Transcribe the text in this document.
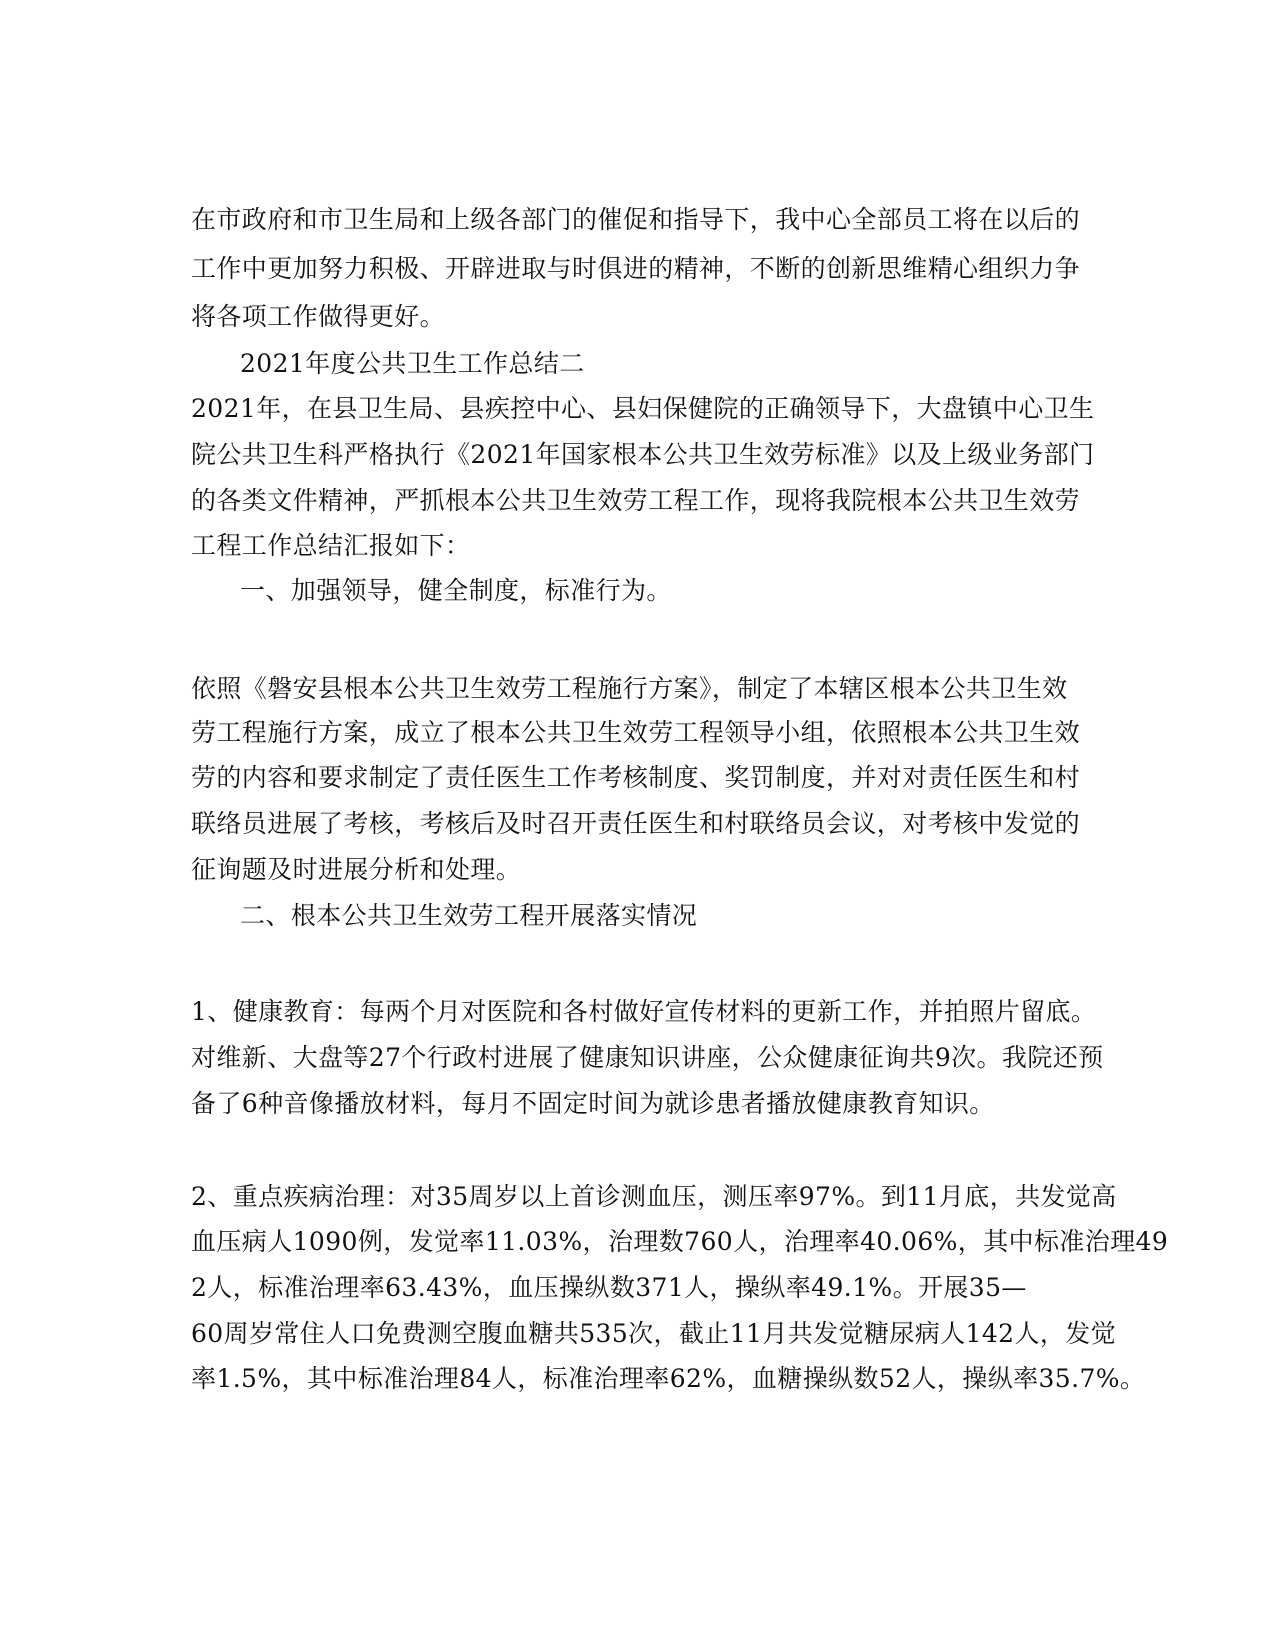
在市政府和市卫生局和上级各部门的催促和指导下，我中心全部员工将在以后的
工作中更加努力积极、开辟进取与时俱进的精神，不断的创新思维精心组织力争
将各项工作做得更好。
2021年度公共卫生工作总结二
2021年，在县卫生局、县疾控中心、县妇保健院的正确领导下，大盘镇中心卫生
院公共卫生科严格执行《2021年国家根本公共卫生效劳标准》以及上级业务部门
的各类文件精神，严抓根本公共卫生效劳工程工作，现将我院根本公共卫生效劳
工程工作总结汇报如下：
一、加强领导，健全制度，标准行为。
依照《磐安县根本公共卫生效劳工程施行方案》，制定了本辖区根本公共卫生效
劳工程施行方案，成立了根本公共卫生效劳工程领导小组，依照根本公共卫生效
劳的内容和要求制定了责任医生工作考核制度、奖罚制度，并对对责任医生和村
联络员进展了考核，考核后及时召开责任医生和村联络员会议，对考核中发觉的
征询题及时进展分析和处理。
二、根本公共卫生效劳工程开展落实情况
1、健康教育：每两个月对医院和各村做好宣传材料的更新工作，并拍照片留底。
对维新、大盘等27个行政村进展了健康知识讲座，公众健康征询共9次。我院还预
备了6种音像播放材料，每月不固定时间为就诊患者播放健康教育知识。
2、重点疾病治理：对35周岁以上首诊测血压，测压率97%。到11月底，共发觉高
血压病人1090例，发觉率11.03%，治理数760人，治理率40.06%，其中标准治理49
2人，标准治理率63.43%，血压操纵数371人，操纵率49.1%。开展35—
60周岁常住人口免费测空腹血糖共535次，截止11月共发觉糖尿病人142人，发觉
率1.5%，其中标准治理84人，标准治理率62%，血糖操纵数52人，操纵率35.7%。
